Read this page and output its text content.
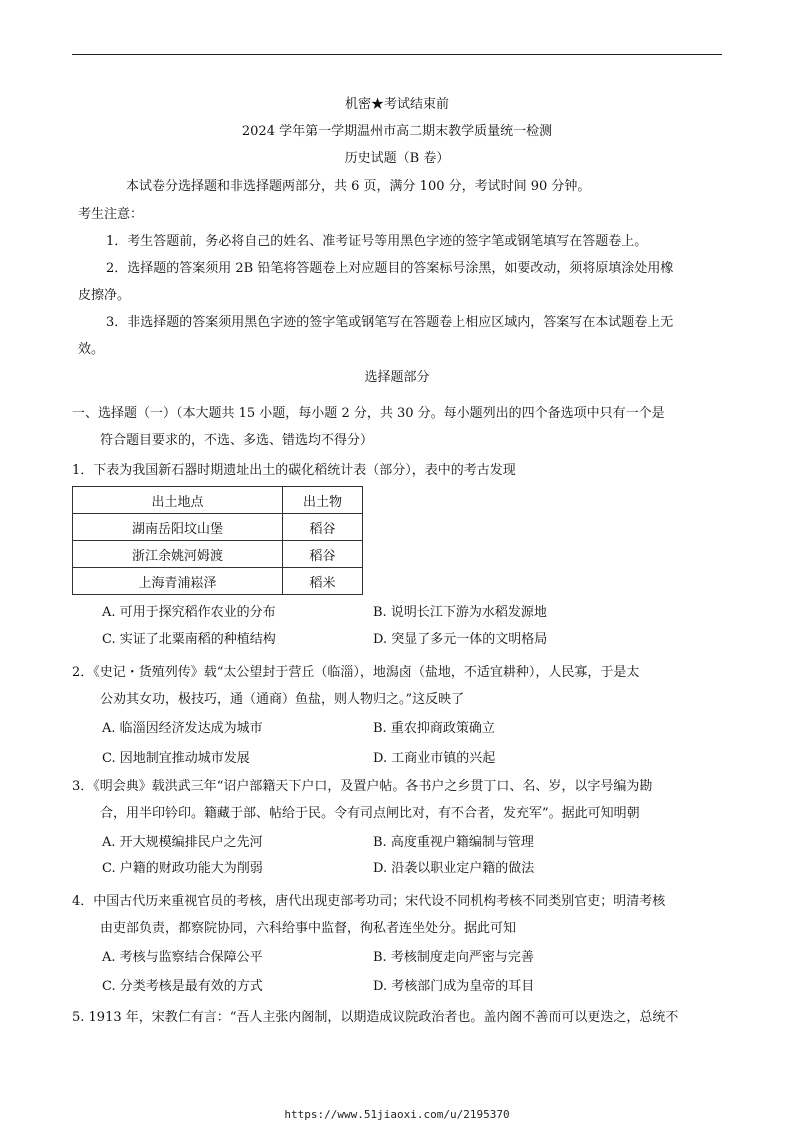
机密★考试结束前
2024 学年第一学期温州市高二期末教学质量统一检测
历史试题（B 卷）
本试卷分选择题和非选择题两部分，共 6 页，满分 100 分，考试时间 90 分钟。
考生注意：
1．考生答题前，务必将自己的姓名、准考证号等用黑色字迹的签字笔或钢笔填写在答题卷上。
2．选择题的答案须用 2B 铅笔将答题卷上对应题目的答案标号涂黑，如要改动，须将原填涂处用橡
皮擦净。
3．非选择题的答案须用黑色字迹的签字笔或钢笔写在答题卷上相应区域内，答案写在本试题卷上无
效。
选择题部分
一、选择题（一）（本大题共 15 小题，每小题 2 分，共 30 分。每小题列出的四个备选项中只有一个是
符合题目要求的，不选、多选、错选均不得分）
1．下表为我国新石器时期遗址出土的碳化稻统计表（部分），表中的考古发现
出土地点	出土物
湖南岳阳坟山堡	稻谷
浙江余姚河姆渡	稻谷
上海青浦崧泽	稻米
A. 可用于探究稻作农业的分布	B. 说明长江下游为水稻发源地
C. 实证了北粟南稻的种植结构	D. 突显了多元一体的文明格局
2．《史记・货殖列传》载“太公望封于营丘（临淄），地潟卤（盐地，不适宜耕种），人民寡，于是太
公劝其女功，极技巧，通（通商）鱼盐，则人物归之。”这反映了
A. 临淄因经济发达成为城市	B. 重农抑商政策确立
C. 因地制宜推动城市发展	D. 工商业市镇的兴起
3．《明会典》载洪武三年“诏户部籍天下户口，及置户帖。各书户之乡贯丁口、名、岁，以字号编为勘
合，用半印钤印。籍藏于部、帖给于民。令有司点闸比对，有不合者，发充军”。据此可知明朝
A. 开大规模编排民户之先河	B. 高度重视户籍编制与管理
C. 户籍的财政功能大为削弱	D. 沿袭以职业定户籍的做法
4．中国古代历来重视官员的考核，唐代出现吏部考功司；宋代设不同机构考核不同类别官吏；明清考核
由吏部负责，都察院协同，六科给事中监督，徇私者连坐处分。据此可知
A. 考核与监察结合保障公平	B. 考核制度走向严密与完善
C. 分类考核是最有效的方式	D. 考核部门成为皇帝的耳目
5. 1913 年，宋教仁有言：“吾人主张内阁制，以期造成议院政治者也。盖内阁不善而可以更迭之，总统不
https://www.51jiaoxi.com/u/2195370
